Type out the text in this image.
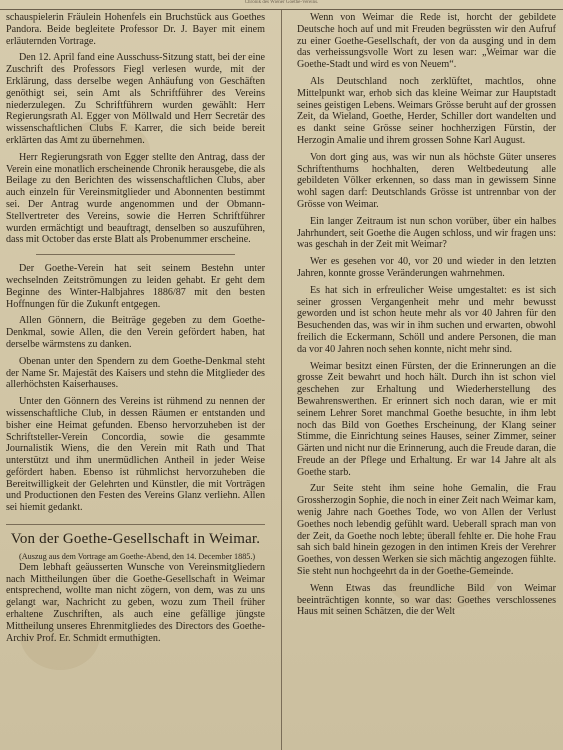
Chronik des Wiener Goethe-Vereins.

schauspielerin Fräulein Hohenfels ein Bruchstück aus Goethes Pandora. Beide begleitete Professor Dr. J. Bayer mit einem erläuternden Vortrage.

Den 12. April fand eine Ausschuss-Sitzung statt, bei der eine Zuschrift des Professors Fiegl verlesen wurde, mit der Erklärung, dass derselbe wegen Anhäufung von Geschäften genöthigt sei, sein Amt als Schriftführer des Vereins niederzulegen. Zu Schriftführern wurden gewählt: Herr Regierungsrath Al. Egger von Möllwald und Herr Secretär des wissenschaftlichen Clubs F. Karrer, die sich beide bereit erklärten das Amt zu übernehmen.

Herr Regierungsrath von Egger stellte den Antrag, dass der Verein eine monatlich erscheinende Chronik herausgebe, die als Beilage zu den Berichten des wissenschaftlichen Clubs, aber auch einzeln für Vereinsmitglieder und Abonnenten bestimmt sei. Der Antrag wurde angenommen und der Obmann-Stellvertreter des Vereins, sowie die Herren Schriftführer wurden ermächtigt und beauftragt, denselben so auszuführen, dass mit October das erste Blatt als Probenummer erscheine.

Der Goethe-Verein hat seit seinem Bestehn unter wechselnden Zeitströmungen zu leiden gehabt. Er geht dem Beginne des Winter-Halbjahres 1886/87 mit den besten Hoffnungen für die Zukunft entgegen.

Allen Gönnern, die Beiträge gegeben zu dem Goethe-Denkmal, sowie Allen, die den Verein gefördert haben, hat derselbe wärmstens zu danken.

Obenan unter den Spendern zu dem Goethe-Denkmal steht der Name Sr. Majestät des Kaisers und stehn die Mitglieder des allerhöchsten Kaiserhauses.

Unter den Gönnern des Vereins ist rühmend zu nennen der wissenschaftliche Club, in dessen Räumen er entstanden und bisher eine Heimat gefunden. Ebenso hervorzuheben ist der Schriftsteller-Verein Concordia, sowie die gesammte Journalistik Wiens, die den Verein mit Rath und That unterstützt und ihm unermüdlichen Antheil in jeder Weise gefördert haben. Ebenso ist rühmlichst hervorzuheben die Bereitwilligkeit der Gelehrten und Künstler, die mit Vorträgen und Productionen den Festen des Vereins Glanz verliehn. Allen sei hiemit gedankt.

Von der Goethe-Gesellschaft in Weimar.

(Auszug aus dem Vortrage am Goethe-Abend, den 14. December 1885.)

Dem lebhaft geäusserten Wunsche von Vereinsmitgliedern nach Mittheilungen über die Goethe-Gesellschaft in Weimar entsprechend, wollte man nicht zögern, von dem, was zu uns gelangt war, Nachricht zu geben, wozu zum Theil früher erhaltene Zuschriften, als auch eine gefällige jüngste Mittheilung unseres Ehrenmitgliedes des Directors des Goethe-Archiv Prof. Er. Schmidt ermuthigten.

Wenn von Weimar die Rede ist, horcht der gebildete Deutsche hoch auf und mit Freuden begrüssten wir den Aufruf zu einer Goethe-Gesellschaft, der von da ausging und in dem das verheissungsvolle Wort zu lesen war: „Weimar war die Goethe-Stadt und wird es von Neuem“.

Als Deutschland noch zerklüftet, machtlos, ohne Mittelpunkt war, erhob sich das kleine Weimar zur Hauptstadt seines geistigen Lebens. Weimars Grösse beruht auf der grossen Zeit, da Wieland, Goethe, Herder, Schiller dort wandelten und es dankt seine Grösse seiner hochherzigen Fürstin, der Herzogin Amalie und ihrem grossen Sohne Karl August.

Von dort ging aus, was wir nun als höchste Güter unseres Schriftenthums hochhalten, deren Weltbedeutung alle gebildeten Völker erkennen, so dass man in gewissem Sinne wohl sagen darf: Deutschlands Grösse ist untrennbar von der Grösse von Weimar.

Ein langer Zeitraum ist nun schon vorüber, über ein halbes Jahrhundert, seit Goethe die Augen schloss, und wir fragen uns: was geschah in der Zeit mit Weimar?

Wer es gesehen vor 40, vor 20 und wieder in den letzten Jahren, konnte grosse Veränderungen wahrnehmen.

Es hat sich in erfreulicher Weise umgestaltet: es ist sich seiner grossen Vergangenheit mehr und mehr bewusst geworden und ist schon heute mehr als vor 40 Jahren für den Besuchenden das, was wir in ihm suchen und erwarten, obwohl freilich die Eckermann, Schöll und andere Personen, die man da vor 40 Jahren noch sehen konnte, nicht mehr sind.

Weimar besitzt einen Fürsten, der die Erinnerungen an die grosse Zeit bewahrt und hoch hält. Durch ihn ist schon viel geschehen zur Erhaltung und Wiederherstellung des Bewahrenswerthen. Er erinnert sich noch daran, wie er mit seinem Lehrer Soret manchmal Goethe besuchte, in ihm lebt noch das Bild von Goethes Erscheinung, der Klang seiner Stimme, die Einrichtung seines Hauses, seiner Zimmer, seiner Gärten und nicht nur die Erinnerung, auch die Freude daran, die Freude an der Pflege und Erhaltung. Er war 14 Jahre alt als Goethe starb.

Zur Seite steht ihm seine hohe Gemalin, die Frau Grossherzogin Sophie, die noch in einer Zeit nach Weimar kam, wenig Jahre nach Goethes Tode, wo von Allen der Verlust Goethes noch lebendig gefühlt ward. Ueberall sprach man von der Zeit, da Goethe noch lebte; überall fehlte er. Die hohe Frau sah sich bald hinein gezogen in den intimen Kreis der Verehrer Goethes, von dessen Werken sie sich mächtig angezogen fühlte. Sie steht nun hochgeehrt da in der Goethe-Gemeinde.

Wenn Etwas das freundliche Bild von Weimar beeinträchtigen konnte, so war das: Goethes verschlossenes Haus mit seinen Schätzen, die der Welt
